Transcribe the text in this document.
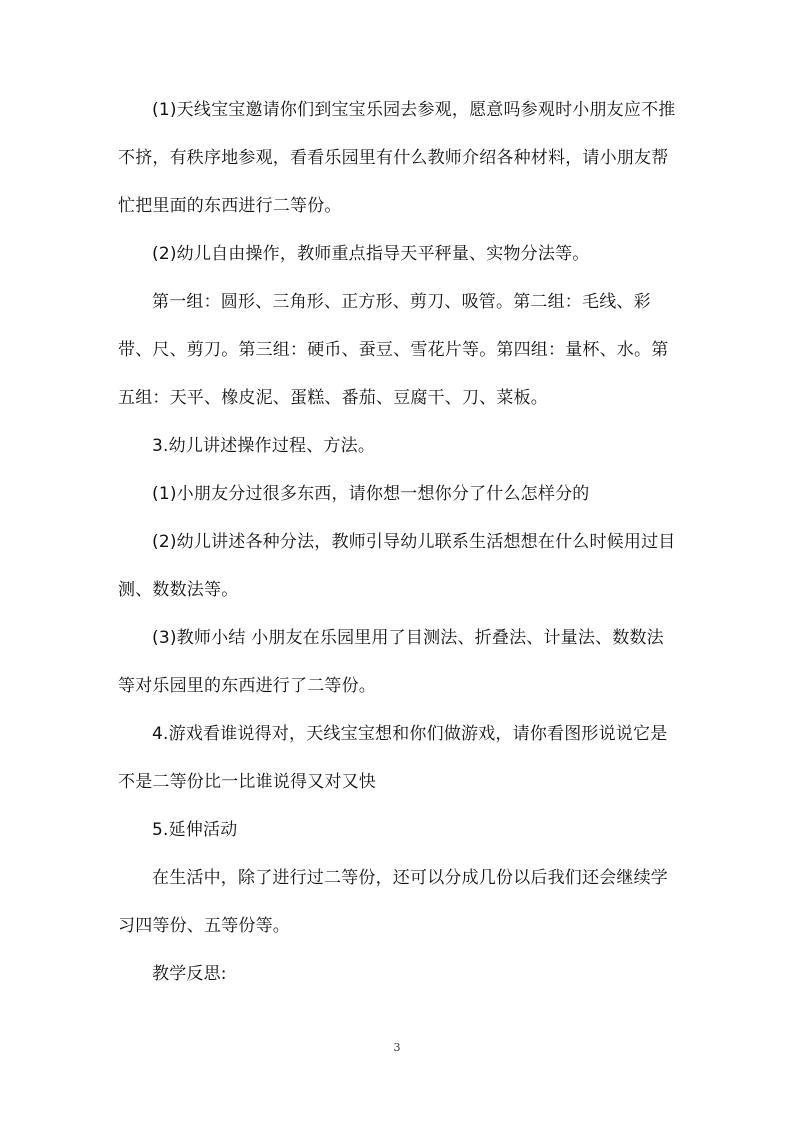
(1)天线宝宝邀请你们到宝宝乐园去参观，愿意吗参观时小朋友应不推不挤，有秩序地参观，看看乐园里有什么教师介绍各种材料，请小朋友帮忙把里面的东西进行二等份。

(2)幼儿自由操作，教师重点指导天平秤量、实物分法等。

第一组：圆形、三角形、正方形、剪刀、吸管。第二组：毛线、彩带、尺、剪刀。第三组：硬币、蚕豆、雪花片等。第四组：量杯、水。第五组：天平、橡皮泥、蛋糕、番茄、豆腐干、刀、菜板。

3.幼儿讲述操作过程、方法。

(1)小朋友分过很多东西，请你想一想你分了什么怎样分的

(2)幼儿讲述各种分法，教师引导幼儿联系生活想想在什么时候用过目测、数数法等。

(3)教师小结 小朋友在乐园里用了目测法、折叠法、计量法、数数法等对乐园里的东西进行了二等份。

4.游戏看谁说得对，天线宝宝想和你们做游戏，请你看图形说说它是不是二等份比一比谁说得又对又快

5.延伸活动

在生活中，除了进行过二等份，还可以分成几份以后我们还会继续学习四等份、五等份等。

教学反思:

3
